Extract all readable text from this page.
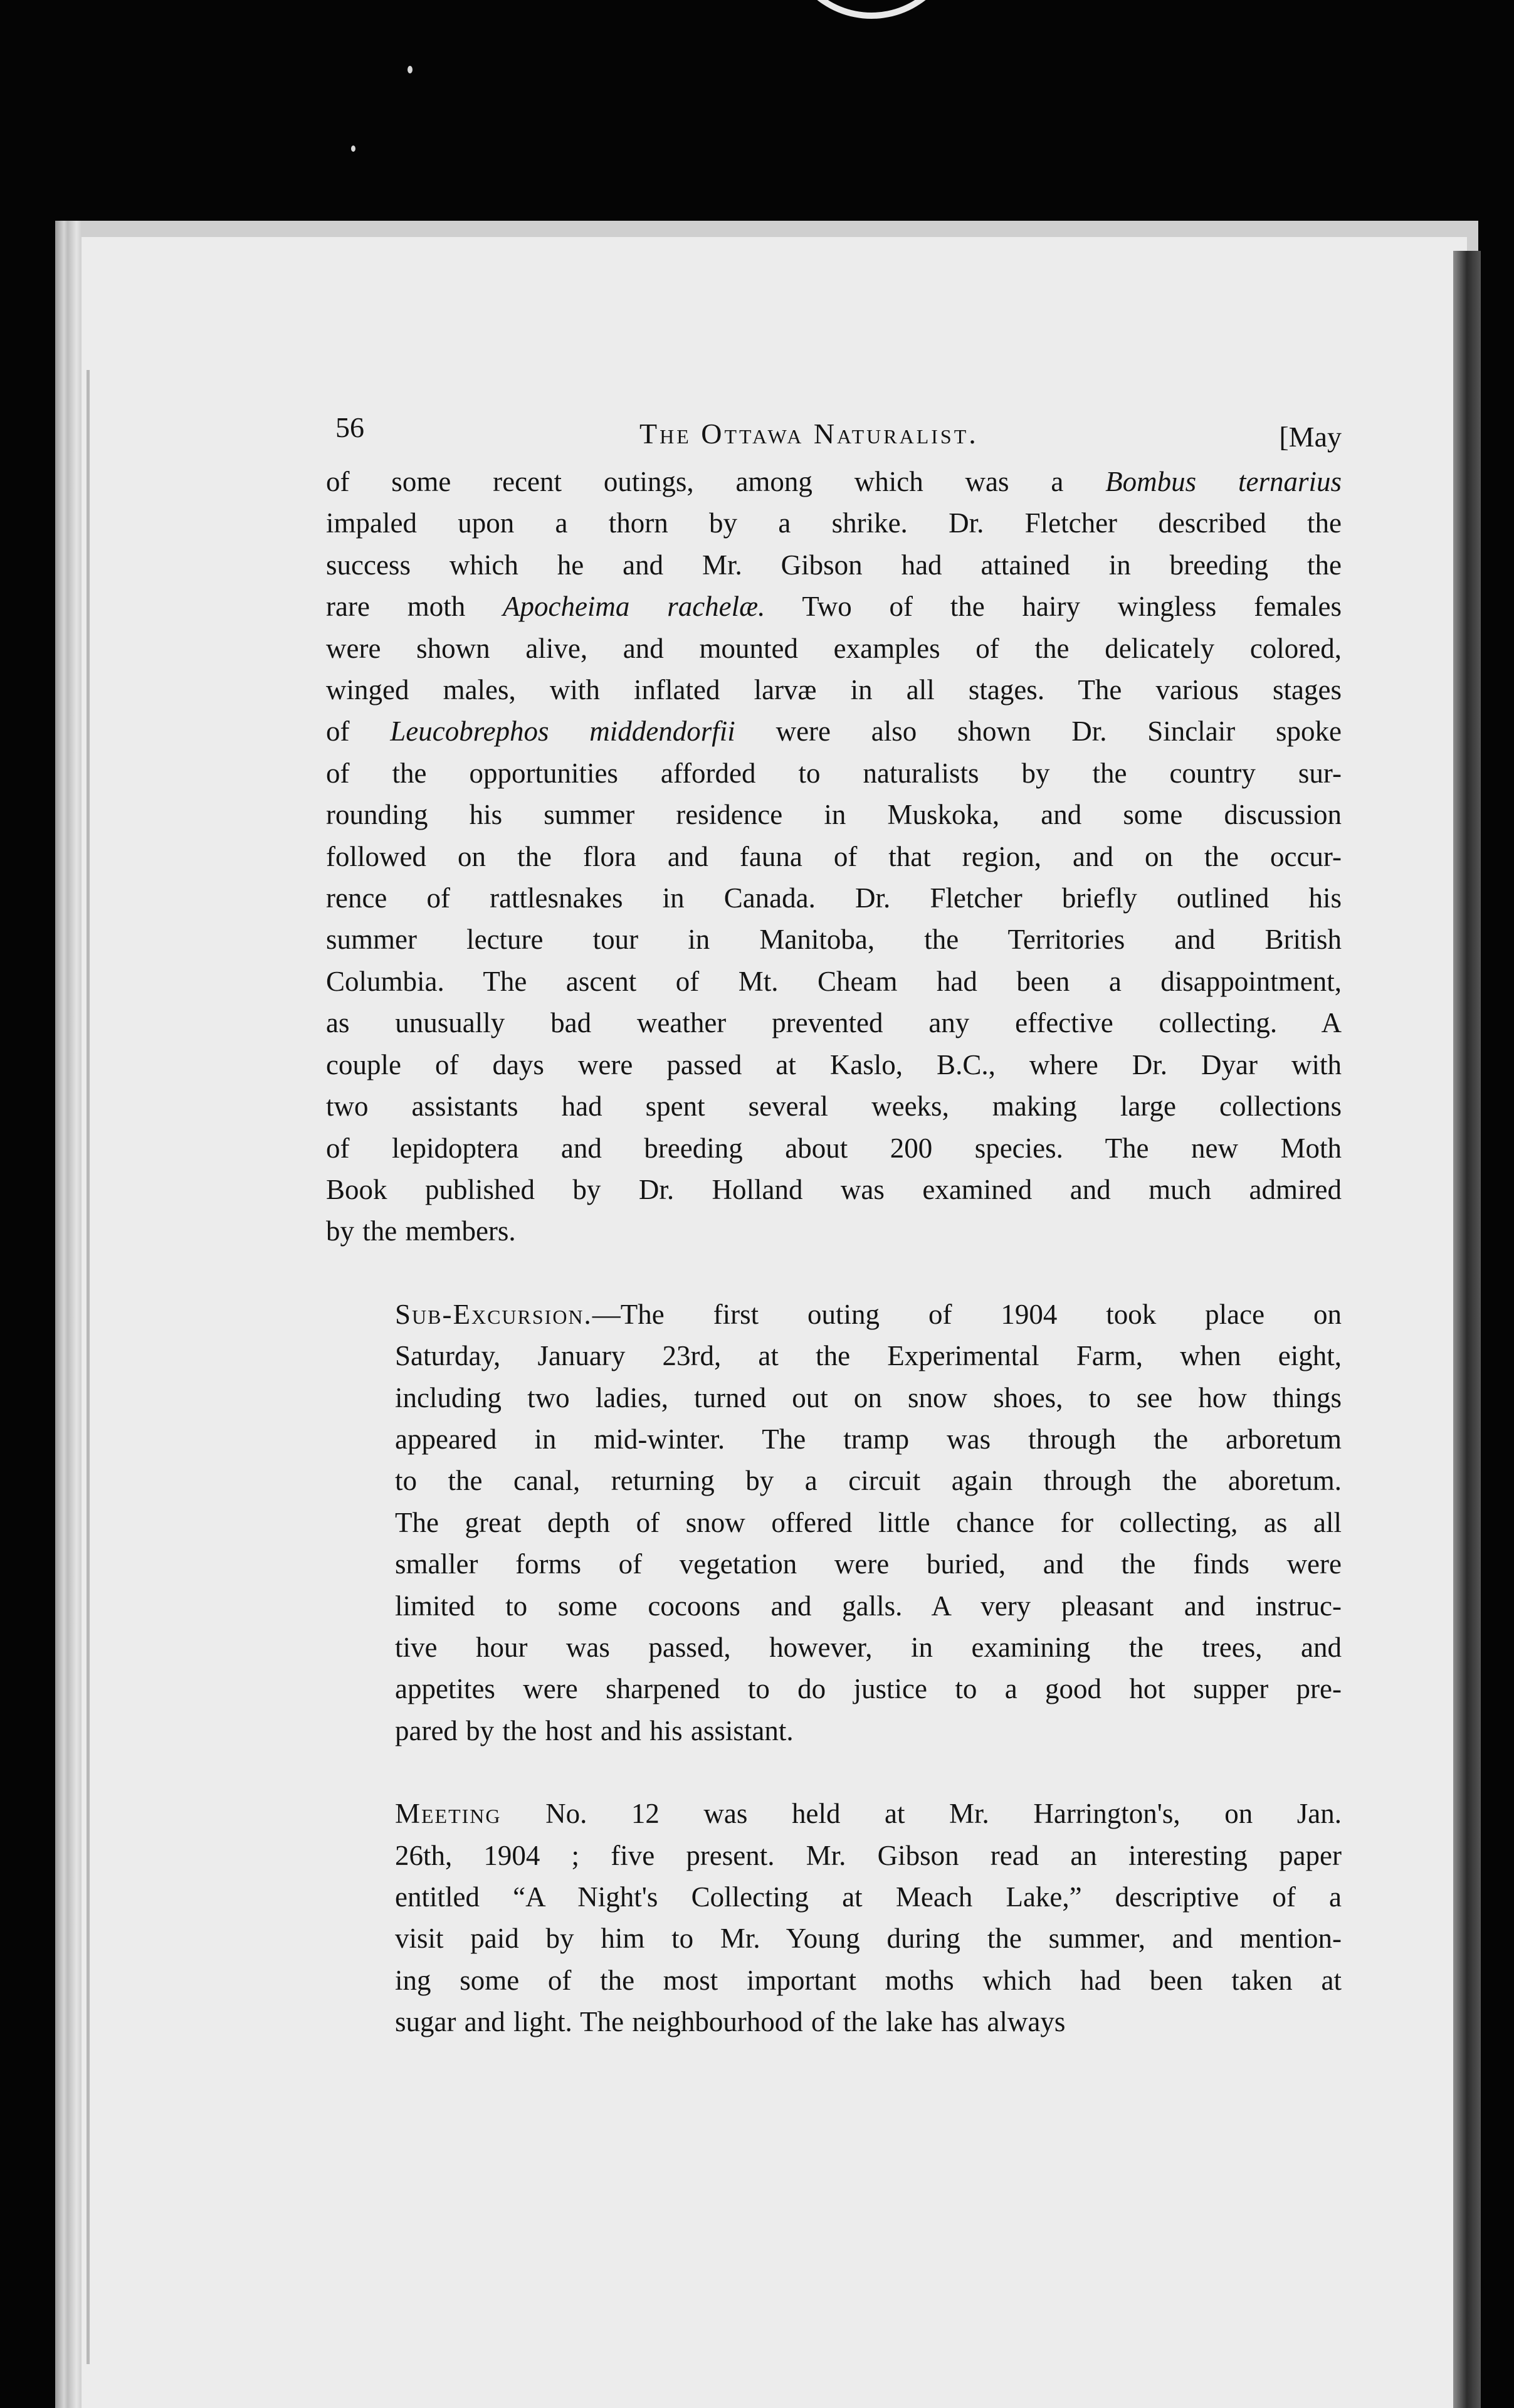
56	The Ottawa Naturalist.	[May

of some recent outings, among which was a Bombus ternarius
impaled upon a thorn by a shrike. Dr. Fletcher described the
success which he and Mr. Gibson had attained in breeding the
rare moth Apocheima rachelæ. Two of the hairy wingless females
were shown alive, and mounted examples of the delicately colored,
winged males, with inflated larvæ in all stages. The various stages
of Leucobrephos middendorfii were also shown Dr. Sinclair spoke
of the opportunities afforded to naturalists by the country sur-
rounding his summer residence in Muskoka, and some discussion
followed on the flora and fauna of that region, and on the occur-
rence of rattlesnakes in Canada. Dr. Fletcher briefly outlined his
summer lecture tour in Manitoba, the Territories and British
Columbia. The ascent of Mt. Cheam had been a disappointment,
as unusually bad weather prevented any effective collecting. A
couple of days were passed at Kaslo, B.C., where Dr. Dyar with
two assistants had spent several weeks, making large collections
of lepidoptera and breeding about 200 species. The new Moth
Book published by Dr. Holland was examined and much admired
by the members.

Sub-Excursion.—The first outing of 1904 took place on
Saturday, January 23rd, at the Experimental Farm, when eight,
including two ladies, turned out on snow shoes, to see how things
appeared in mid-winter. The tramp was through the arboretum
to the canal, returning by a circuit again through the aboretum.
The great depth of snow offered little chance for collecting, as all
smaller forms of vegetation were buried, and the finds were
limited to some cocoons and galls. A very pleasant and instruc-
tive hour was passed, however, in examining the trees, and
appetites were sharpened to do justice to a good hot supper pre-
pared by the host and his assistant.

Meeting No. 12 was held at Mr. Harrington's, on Jan.
26th, 1904 ; five present. Mr. Gibson read an interesting paper
entitled “A Night's Collecting at Meach Lake,” descriptive of a
visit paid by him to Mr. Young during the summer, and mention-
ing some of the most important moths which had been taken at
sugar and light. The neighbourhood of the lake has always
